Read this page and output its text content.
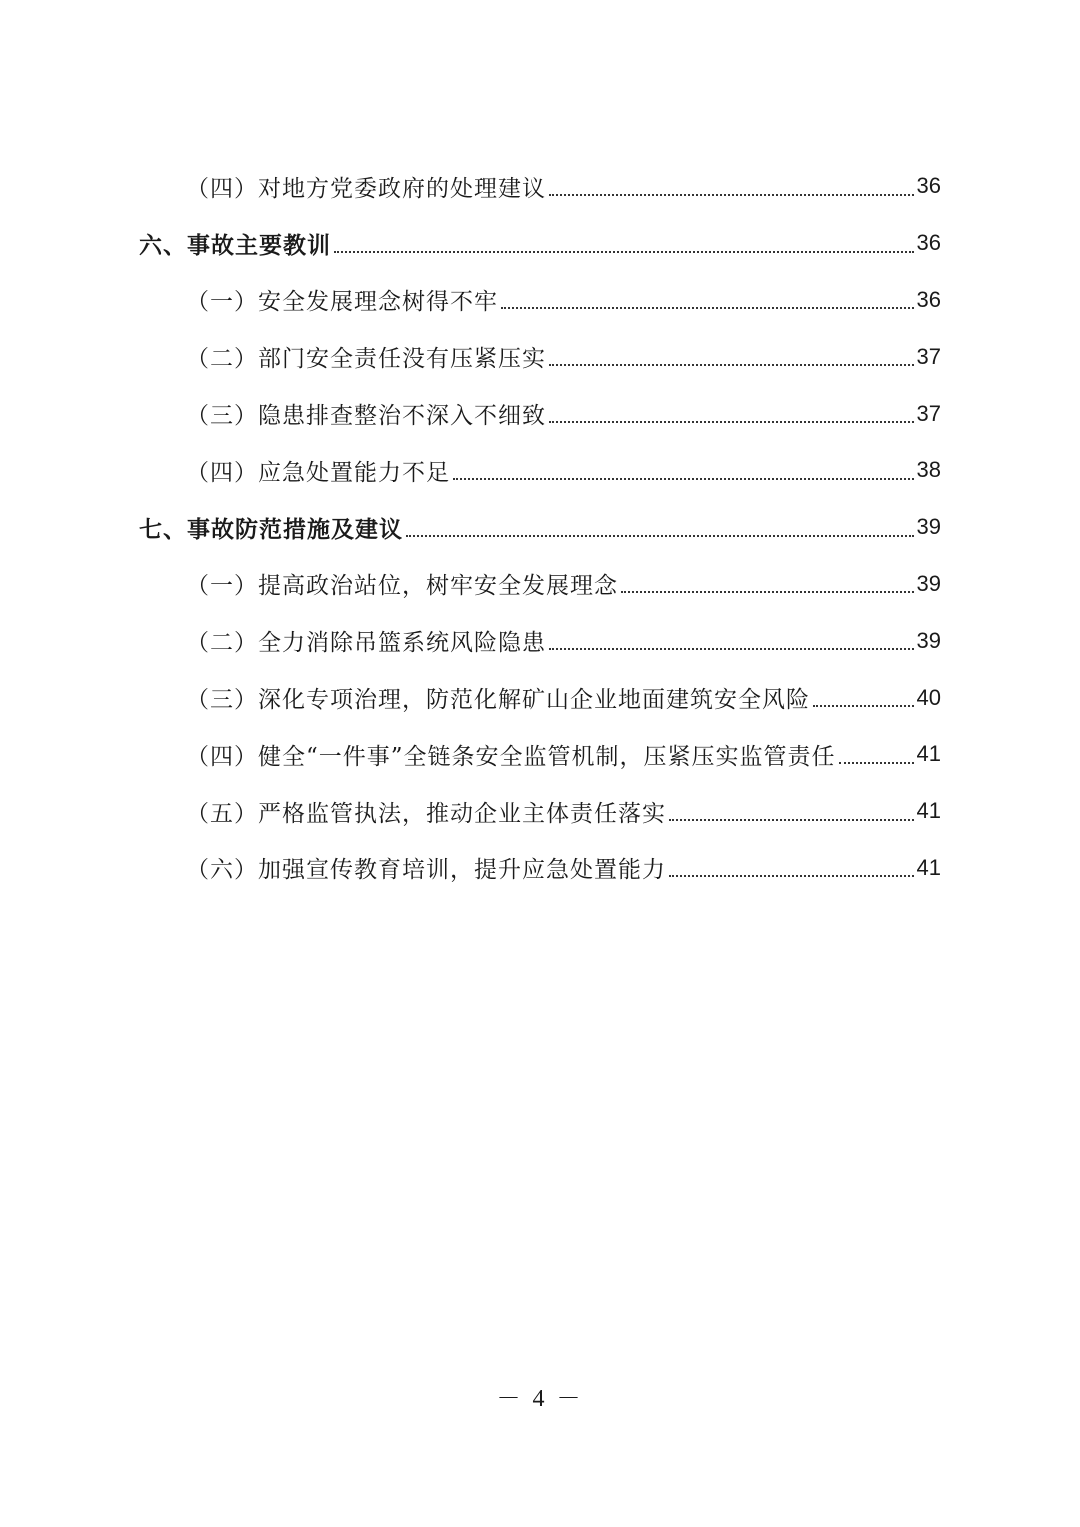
（四）对地方党委政府的处理建议	36
六、事故主要教训	36
（一）安全发展理念树得不牢	36
（二）部门安全责任没有压紧压实	37
（三）隐患排查整治不深入不细致	37
（四）应急处置能力不足	38
七、事故防范措施及建议	39
（一）提高政治站位，树牢安全发展理念	39
（二）全力消除吊篮系统风险隐患	39
（三）深化专项治理，防范化解矿山企业地面建筑安全风险	40
（四）健全“一件事”全链条安全监管机制，压紧压实监管责任	41
（五）严格监管执法，推动企业主体责任落实	41
（六）加强宣传教育培训，提升应急处置能力	41
－ 4 －
